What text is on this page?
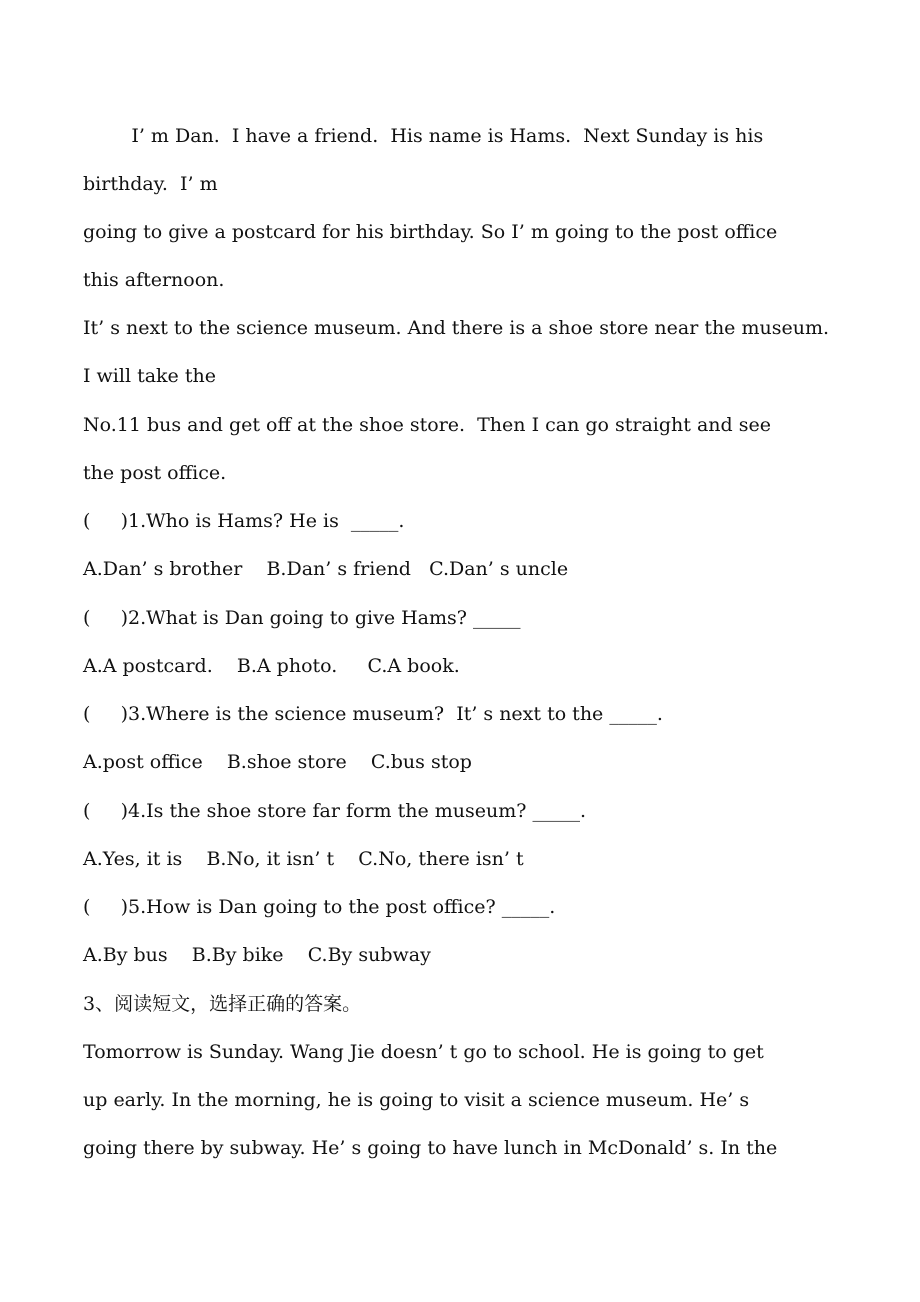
I’ m Dan.  I have a friend.  His name is Hams.  Next Sunday is his
birthday.  I’ m
going to give a postcard for his birthday. So I’ m going to the post office
this afternoon.
It’ s next to the science museum. And there is a shoe store near the museum.
I will take the
No.11 bus and get off at the shoe store.  Then I can go straight and see
the post office.
(     )1.Who is Hams? He is  _____.
A.Dan’ s brother    B.Dan’ s friend   C.Dan’ s uncle
(     )2.What is Dan going to give Hams? _____
A.A postcard.    B.A photo.     C.A book.
(     )3.Where is the science museum?  It’ s next to the _____.
A.post office    B.shoe store    C.bus stop
(     )4.Is the shoe store far form the museum? _____.
A.Yes, it is    B.No, it isn’ t    C.No, there isn’ t
(     )5.How is Dan going to the post office? _____.
A.By bus    B.By bike    C.By subway
3、阅读短文，选择正确的答案。
Tomorrow is Sunday. Wang Jie doesn’ t go to school. He is going to get
up early. In the morning, he is going to visit a science museum. He’ s
going there by subway. He’ s going to have lunch in McDonald’ s. In the
